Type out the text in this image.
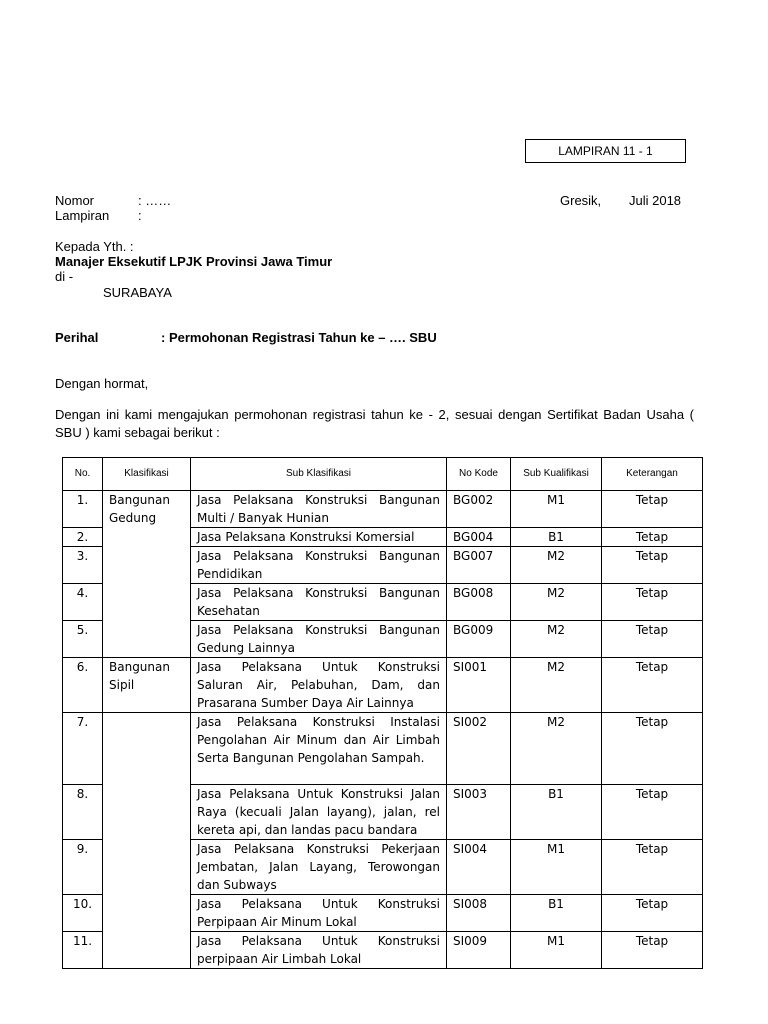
LAMPIRAN 11 - 1
Nomor	: ……
Lampiran :
Gresik, Juli 2018
Kepada Yth. :
Manajer Eksekutif LPJK Provinsi Jawa Timur
di -
SURABAYA
Perihal	: Permohonan Registrasi Tahun ke – …. SBU
Dengan hormat,
Dengan ini kami mengajukan permohonan registrasi tahun ke - 2, sesuai dengan Sertifikat Badan Usaha ( SBU ) kami sebagai berikut :
No.	Klasifikasi	Sub Klasifikasi	No Kode	Sub Kualifikasi	Keterangan
1.	Bangunan Gedung	Jasa Pelaksana Konstruksi Bangunan Multi / Banyak Hunian	BG002	M1	Tetap
2.		Jasa Pelaksana Konstruksi Komersial	BG004	B1	Tetap
3.		Jasa Pelaksana Konstruksi Bangunan Pendidikan	BG007	M2	Tetap
4.		Jasa Pelaksana Konstruksi Bangunan Kesehatan	BG008	M2	Tetap
5.		Jasa Pelaksana Konstruksi Bangunan Gedung Lainnya	BG009	M2	Tetap
6.	Bangunan Sipil	Jasa Pelaksana Untuk Konstruksi Saluran Air, Pelabuhan, Dam, dan Prasarana Sumber Daya Air Lainnya	SI001	M2	Tetap
7.		Jasa Pelaksana Konstruksi Instalasi Pengolahan Air Minum dan Air Limbah Serta Bangunan Pengolahan Sampah.	SI002	M2	Tetap
8.		Jasa Pelaksana Untuk Konstruksi Jalan Raya (kecuali Jalan layang), jalan, rel kereta api, dan landas pacu bandara	SI003	B1	Tetap
9.		Jasa Pelaksana Konstruksi Pekerjaan Jembatan, Jalan Layang, Terowongan dan Subways	SI004	M1	Tetap
10.		Jasa Pelaksana Untuk Konstruksi Perpipaan Air Minum Lokal	SI008	B1	Tetap
11.		Jasa Pelaksana Untuk Konstruksi perpipaan Air Limbah Lokal	SI009	M1	Tetap
